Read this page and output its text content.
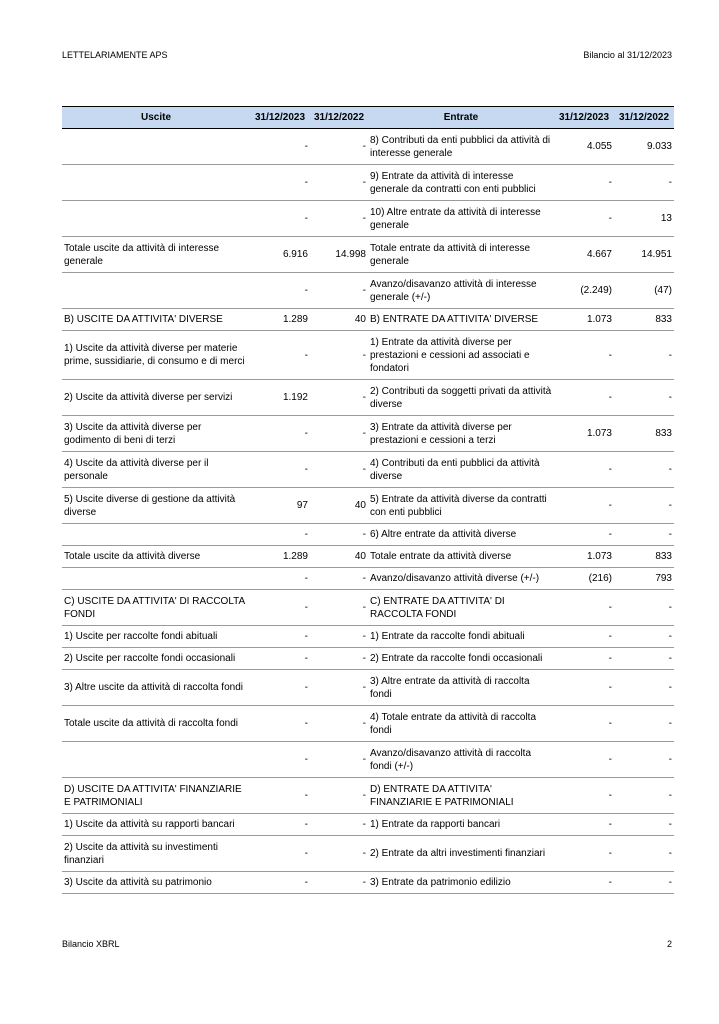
LETTELARIAMENTE APS	Bilancio al 31/12/2023
Uscite	31/12/2023	31/12/2022	Entrate	31/12/2023	31/12/2022
	-	-	8) Contributi da enti pubblici da attività di interesse generale	4.055	9.033
	-	-	9) Entrate da attività di interesse generale da contratti con enti pubblici	-	-
	-	-	10) Altre entrate da attività di interesse generale	-	13
Totale uscite da attività di interesse generale	6.916	14.998	Totale entrate da attività di interesse generale	4.667	14.951
	-	-	Avanzo/disavanzo attività di interesse generale (+/-)	(2.249)	(47)
B) USCITE DA ATTIVITA' DIVERSE	1.289	40	B) ENTRATE DA ATTIVITA' DIVERSE	1.073	833
1) Uscite da attività diverse per materie prime, sussidiarie, di consumo e di merci	-	-	1) Entrate da attività diverse per prestazioni e cessioni ad associati e fondatori	-	-
2) Uscite da attività diverse per servizi	1.192	-	2) Contributi da soggetti privati da attività diverse	-	-
3) Uscite da attività diverse per godimento di beni di terzi	-	-	3) Entrate da attività diverse per prestazioni e cessioni a terzi	1.073	833
4) Uscite da attività diverse per il personale	-	-	4) Contributi da enti pubblici da attività diverse	-	-
5) Uscite diverse di gestione da attività diverse	97	40	5) Entrate da attività diverse da contratti con enti pubblici	-	-
	-	-	6) Altre entrate da attività diverse	-	-
Totale uscite da attività diverse	1.289	40	Totale entrate da attività diverse	1.073	833
	-	-	Avanzo/disavanzo attività diverse (+/-)	(216)	793
C) USCITE DA ATTIVITA' DI RACCOLTA FONDI	-	-	C) ENTRATE DA ATTIVITA' DI RACCOLTA FONDI	-	-
1) Uscite per raccolte fondi abituali	-	-	1) Entrate da raccolte fondi abituali	-	-
2) Uscite per raccolte fondi occasionali	-	-	2) Entrate da raccolte fondi occasionali	-	-
3) Altre uscite da attività di raccolta fondi	-	-	3) Altre entrate da attività di raccolta fondi	-	-
Totale uscite da attività di raccolta fondi	-	-	4) Totale entrate da attività di raccolta fondi	-	-
	-	-	Avanzo/disavanzo attività di raccolta fondi (+/-)	-	-
D) USCITE DA ATTIVITA' FINANZIARIE E PATRIMONIALI	-	-	D) ENTRATE DA ATTIVITA' FINANZIARIE E PATRIMONIALI	-	-
1) Uscite da attività su rapporti bancari	-	-	1) Entrate da rapporti bancari	-	-
2) Uscite da attività su investimenti finanziari	-	-	2) Entrate da altri investimenti finanziari	-	-
3) Uscite da attività su patrimonio	-	-	3) Entrate da patrimonio edilizio	-	-
Bilancio XBRL	2
